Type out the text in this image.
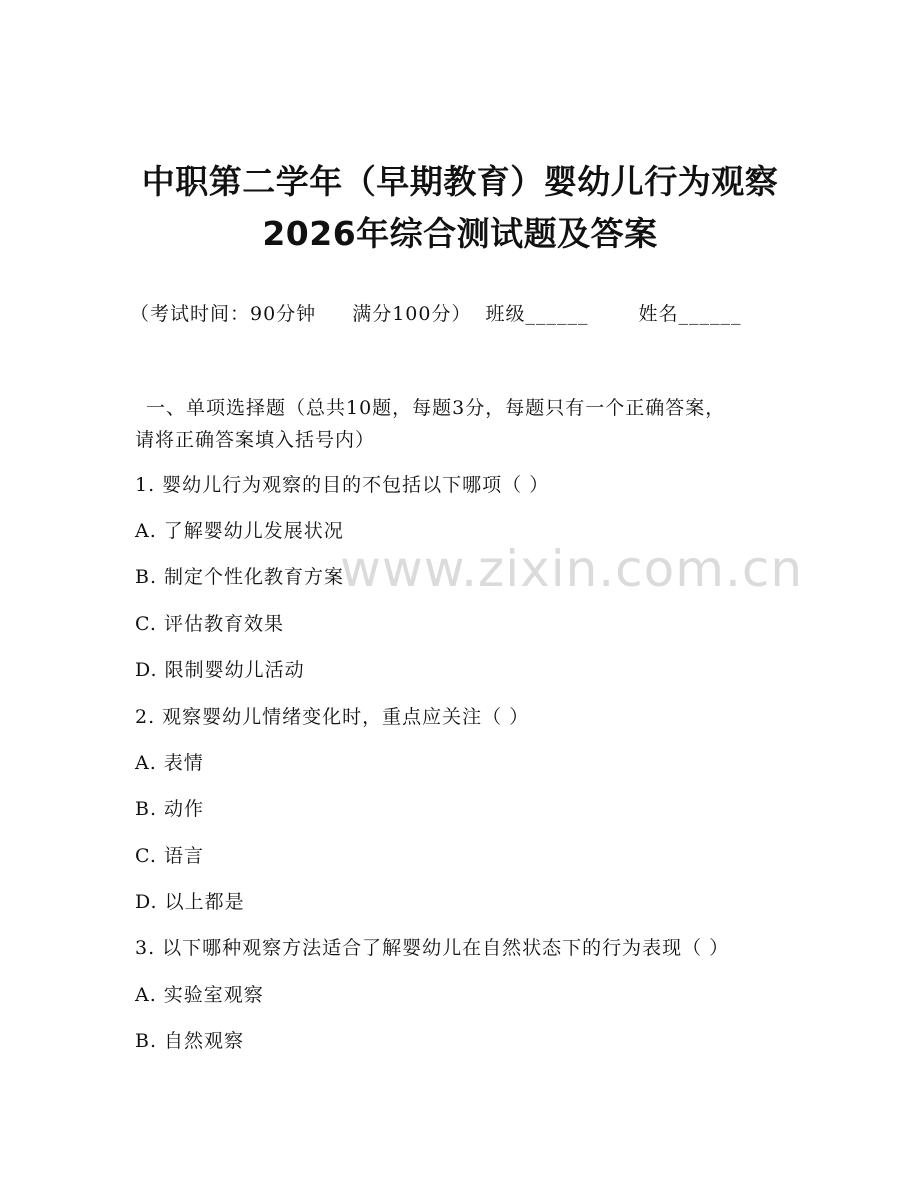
中职第二学年（早期教育）婴幼儿行为观察
2026年综合测试题及答案
（考试时间：90分钟 满分100分） 班级______	姓名______
一、单项选择题（总共10题，每题3分，每题只有一个正确答案，
请将正确答案填入括号内）
1. 婴幼儿行为观察的目的不包括以下哪项（ ）
A. 了解婴幼儿发展状况
B. 制定个性化教育方案
C. 评估教育效果
D. 限制婴幼儿活动
2. 观察婴幼儿情绪变化时，重点应关注（ ）
A. 表情
B. 动作
C. 语言
D. 以上都是
3. 以下哪种观察方法适合了解婴幼儿在自然状态下的行为表现（ ）
A. 实验室观察
B. 自然观察
www.zixin.com.cn
